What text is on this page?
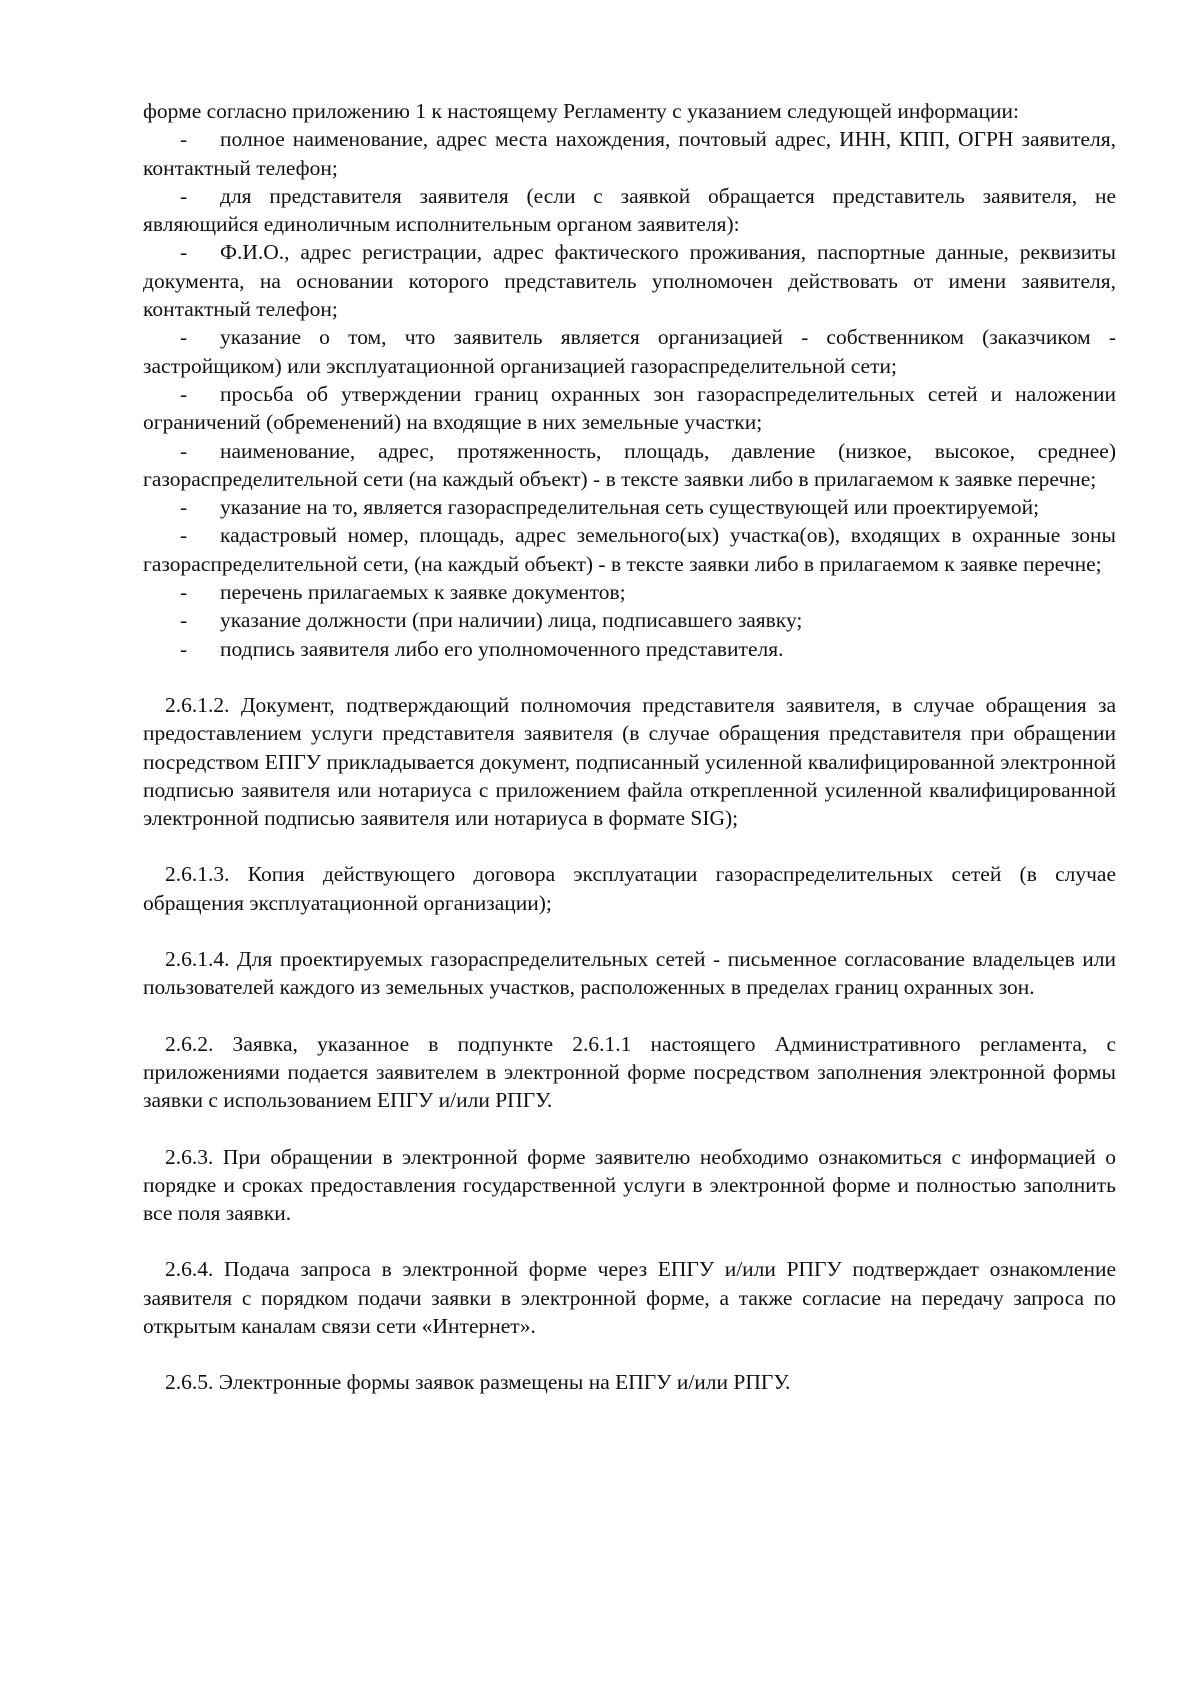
форме согласно приложению 1 к настоящему Регламенту с указанием следующей информации:

- полное наименование, адрес места нахождения, почтовый адрес, ИНН, КПП, ОГРН заявителя, контактный телефон;

- для представителя заявителя (если с заявкой обращается представитель заявителя, не являющийся единоличным исполнительным органом заявителя):

- Ф.И.О., адрес регистрации, адрес фактического проживания, паспортные данные, реквизиты документа, на основании которого представитель уполномочен действовать от имени заявителя, контактный телефон;

- указание о том, что заявитель является организацией - собственником (заказчиком - застройщиком) или эксплуатационной организацией газораспределительной сети;

- просьба об утверждении границ охранных зон газораспределительных сетей и наложении ограничений (обременений) на входящие в них земельные участки;

- наименование, адрес, протяженность, площадь, давление (низкое, высокое, среднее) газораспределительной сети (на каждый объект) - в тексте заявки либо в прилагаемом к заявке перечне;

- указание на то, является газораспределительная сеть существующей или проектируемой;

- кадастровый номер, площадь, адрес земельного(ых) участка(ов), входящих в охранные зоны газораспределительной сети, (на каждый объект) - в тексте заявки либо в прилагаемом к заявке перечне;

- перечень прилагаемых к заявке документов;

- указание должности (при наличии) лица, подписавшего заявку;

- подпись заявителя либо его уполномоченного представителя.

2.6.1.2. Документ, подтверждающий полномочия представителя заявителя, в случае обращения за предоставлением услуги представителя заявителя (в случае обращения представителя при обращении посредством ЕПГУ прикладывается документ, подписанный усиленной квалифицированной электронной подписью заявителя или нотариуса с приложением файла открепленной усиленной квалифицированной электронной подписью заявителя или нотариуса в формате SIG);

2.6.1.3. Копия действующего договора эксплуатации газораспределительных сетей (в случае обращения эксплуатационной организации);

2.6.1.4. Для проектируемых газораспределительных сетей - письменное согласование владельцев или пользователей каждого из земельных участков, расположенных в пределах границ охранных зон.

2.6.2. Заявка, указанное в подпункте 2.6.1.1 настоящего Административного регламента, с приложениями подается заявителем в электронной форме посредством заполнения электронной формы заявки с использованием ЕПГУ и/или РПГУ.

2.6.3. При обращении в электронной форме заявителю необходимо ознакомиться с информацией о порядке и сроках предоставления государственной услуги в электронной форме и полностью заполнить все поля заявки.

2.6.4. Подача запроса в электронной форме через ЕПГУ и/или РПГУ подтверждает ознакомление заявителя с порядком подачи заявки в электронной форме, а также согласие на передачу запроса по открытым каналам связи сети «Интернет».

2.6.5. Электронные формы заявок размещены на ЕПГУ и/или РПГУ.
